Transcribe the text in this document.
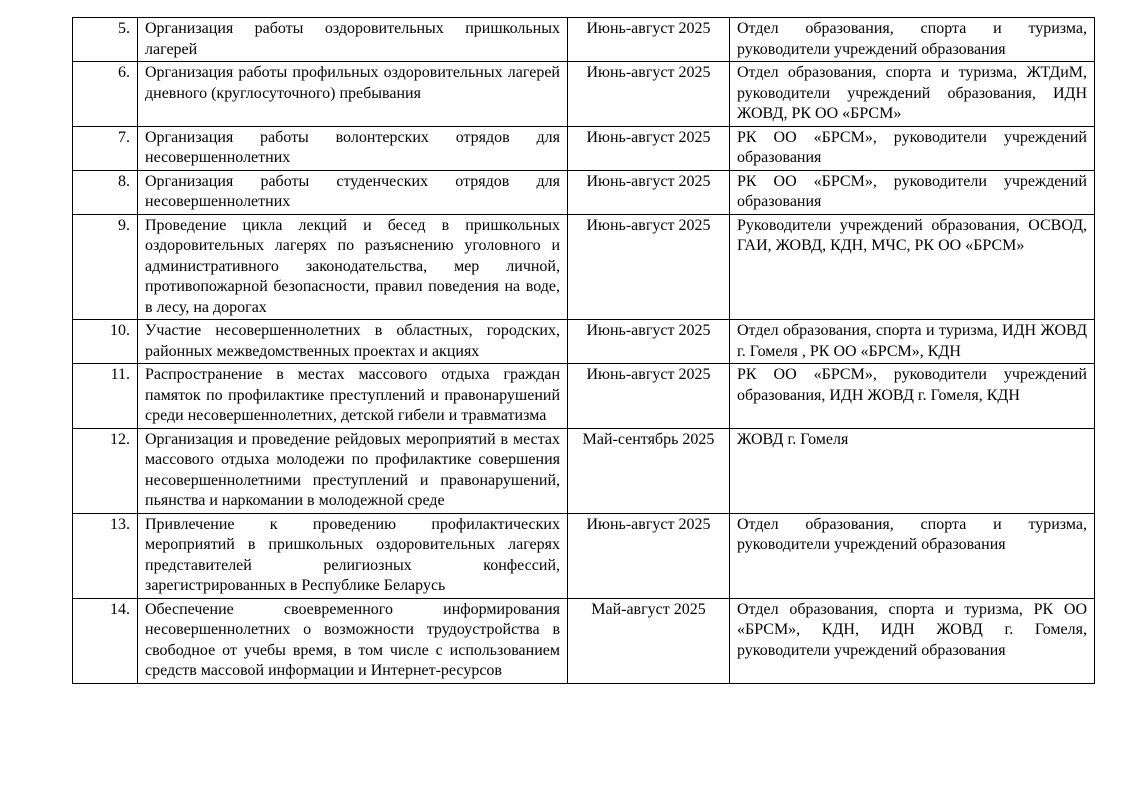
5.	Организация работы оздоровительных пришкольных лагерей	Июнь-август 2025	Отдел образования, спорта и туризма, руководители учреждений образования
6.	Организация работы профильных оздоровительных лагерей дневного (круглосуточного) пребывания	Июнь-август 2025	Отдел образования, спорта и туризма, ЖТДиМ, руководители учреждений образования, ИДН ЖОВД, РК ОО «БРСМ»
7.	Организация работы волонтерских отрядов для несовершеннолетних	Июнь-август 2025	РК ОО «БРСМ», руководители учреждений образования
8.	Организация работы студенческих отрядов для несовершеннолетних	Июнь-август 2025	РК ОО «БРСМ», руководители учреждений образования
9.	Проведение цикла лекций и бесед в пришкольных оздоровительных лагерях по разъяснению уголовного и административного законодательства, мер личной, противопожарной безопасности, правил поведения на воде, в лесу, на дорогах	Июнь-август 2025	Руководители учреждений образования, ОСВОД, ГАИ, ЖОВД, КДН, МЧС, РК ОО «БРСМ»
10.	Участие несовершеннолетних в областных, городских, районных межведомственных проектах и акциях	Июнь-август 2025	Отдел образования, спорта и туризма, ИДН ЖОВД г. Гомеля , РК ОО «БРСМ», КДН
11.	Распространение в местах массового отдыха граждан памяток по профилактике преступлений и правонарушений среди несовершеннолетних, детской гибели и травматизма	Июнь-август 2025	РК ОО «БРСМ», руководители учреждений образования, ИДН ЖОВД г. Гомеля, КДН
12.	Организация и проведение рейдовых мероприятий в местах массового отдыха молодежи по профилактике совершения несовершеннолетними преступлений и правонарушений, пьянства и наркомании в молодежной среде	Май-сентябрь 2025	ЖОВД г. Гомеля
13.	Привлечение к проведению профилактических мероприятий в пришкольных оздоровительных лагерях представителей религиозных конфессий, зарегистрированных в Республике Беларусь	Июнь-август 2025	Отдел образования, спорта и туризма, руководители учреждений образования
14.	Обеспечение своевременного информирования несовершеннолетних о возможности трудоустройства в свободное от учебы время, в том числе с использованием средств массовой информации и Интернет-ресурсов	Май-август 2025	Отдел образования, спорта и туризма, РК ОО «БРСМ», КДН, ИДН ЖОВД г. Гомеля, руководители учреждений образования
